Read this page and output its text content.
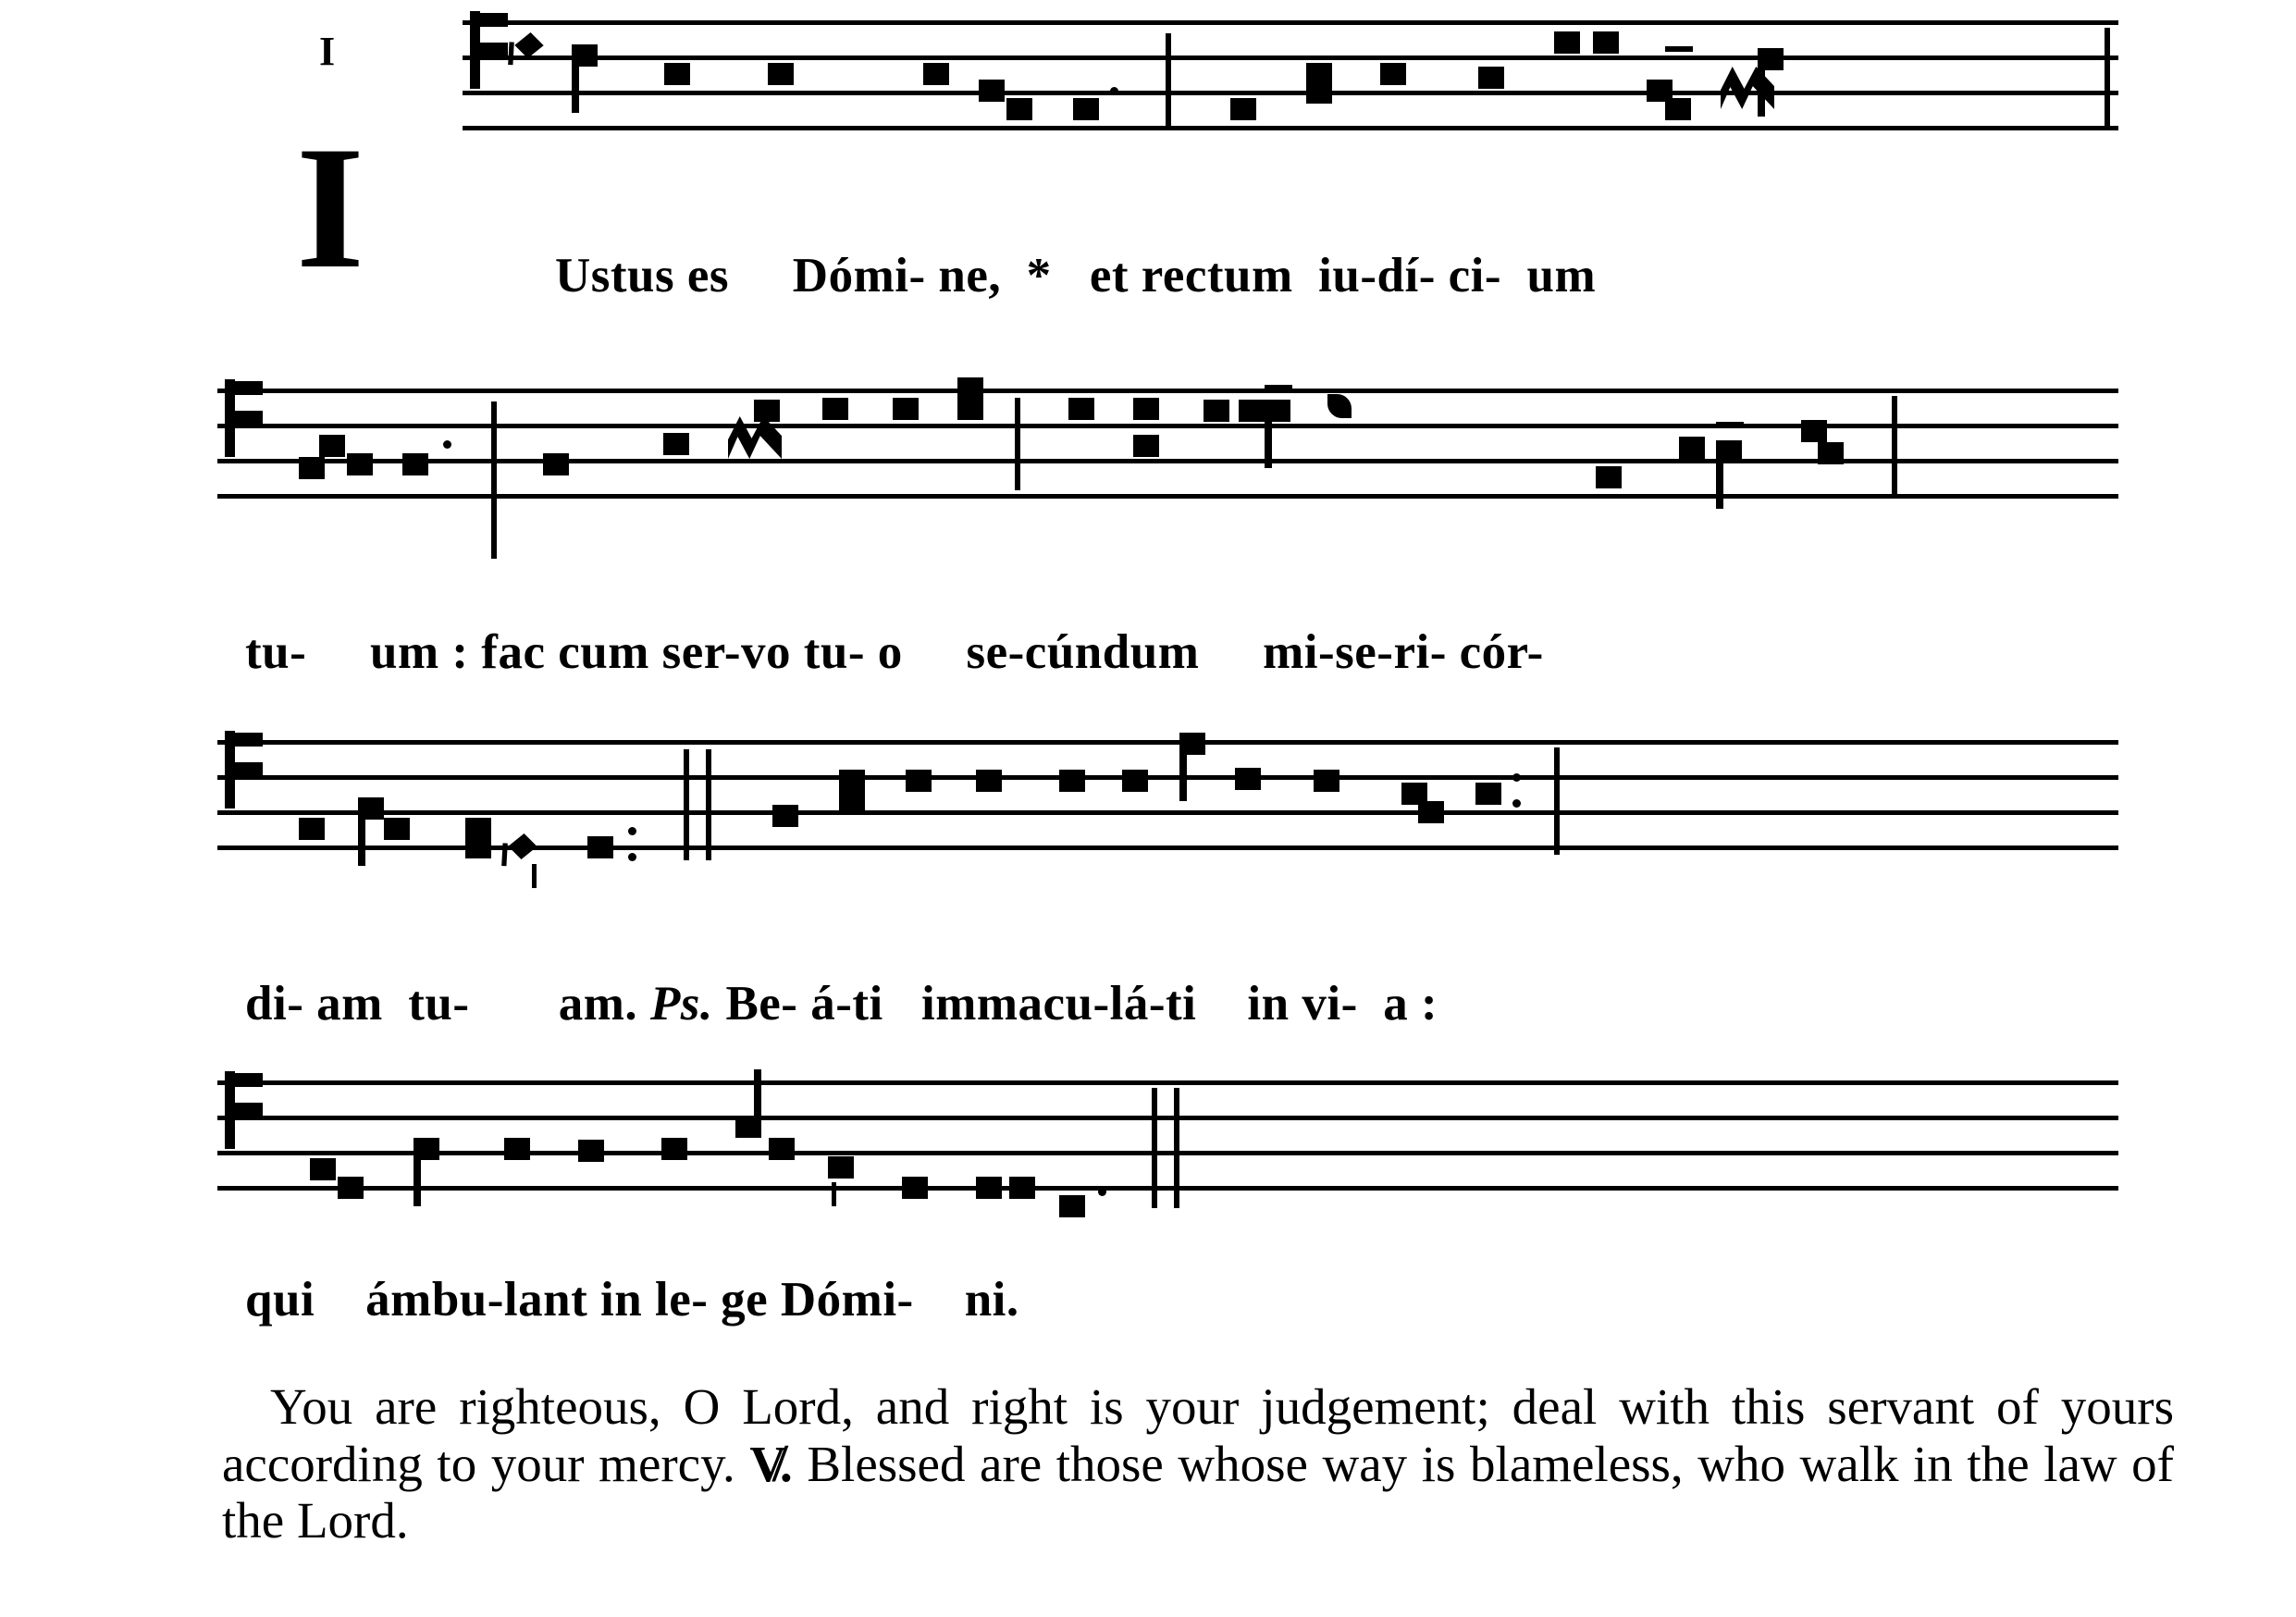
I
I	Ustus es     Dómi- ne,  *   et rectum  iu-dí- ci-  um
tu-     um : fac cum ser-vo tu- o     se-cúndum     mi-se-ri- cór-
di- am  tu-       am. Ps. Be- á-ti   immacu-lá-ti    in vi-  a :
qui    ámbu-lant in le- ge Dómi-    ni.
You are righteous, O Lord, and right is your judgement; deal with this servant of yours according to your mercy. V̸. Blessed are those whose way is blameless, who walk in the law of the Lord.
